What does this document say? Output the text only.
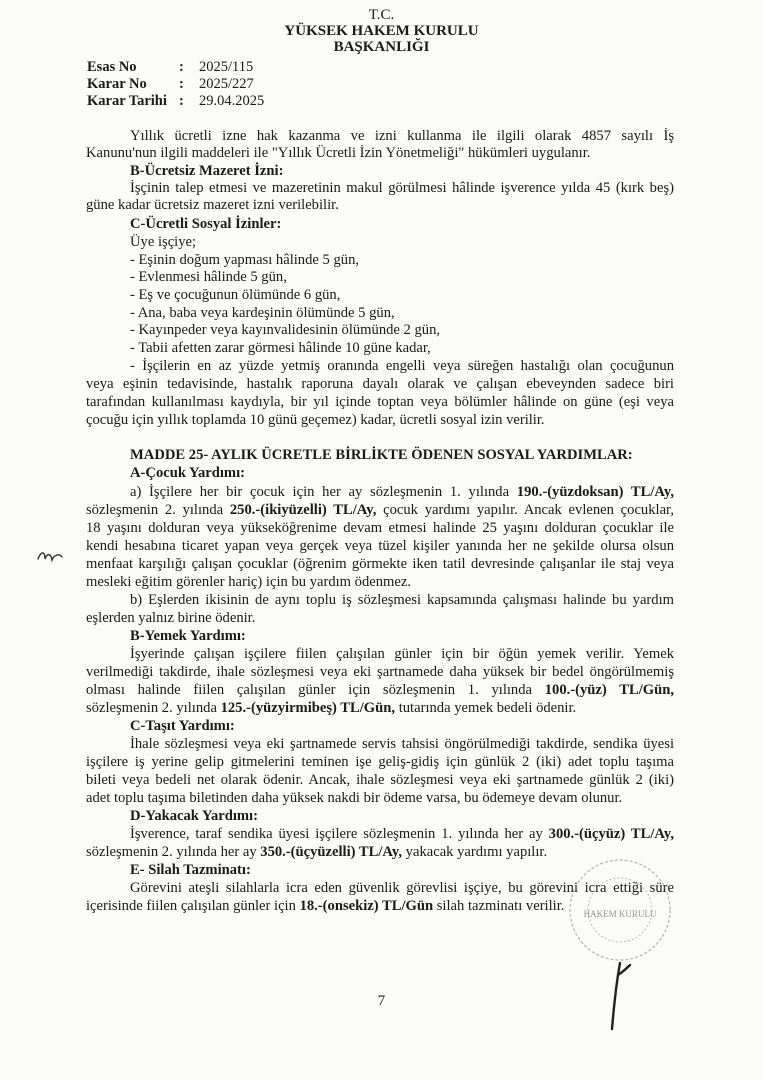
T.C.
YÜKSEK HAKEM KURULU
BAŞKANLIĞI
Esas No	: 2025/115
Karar No : 2025/227
Karar Tarihi : 29.04.2025
Yıllık ücretli izne hak kazanma ve izni kullanma ile ilgili olarak 4857 sayılı İş
Kanunu'nun ilgili maddeleri ile "Yıllık Ücretli İzin Yönetmeliği" hükümleri uygulanır.
B-Ücretsiz Mazeret İzni:
İşçinin talep etmesi ve mazeretinin makul görülmesi hâlinde işverence yılda 45 (kırk beş)
güne kadar ücretsiz mazeret izni verilebilir.
C-Ücretli Sosyal İzinler:
Üye işçiye;
- Eşinin doğum yapması hâlinde 5 gün,
- Evlenmesi hâlinde 5 gün,
- Eş ve çocuğunun ölümünde 6 gün,
- Ana, baba veya kardeşinin ölümünde 5 gün,
- Kayınpeder veya kayınvalidesinin ölümünde 2 gün,
- Tabii afetten zarar görmesi hâlinde 10 güne kadar,
- İşçilerin en az yüzde yetmiş oranında engelli veya süreğen hastalığı olan çocuğunun
veya eşinin tedavisinde, hastalık raporuna dayalı olarak ve çalışan ebeveynden sadece biri
tarafından kullanılması kaydıyla, bir yıl içinde toptan veya bölümler hâlinde on güne (eşi veya
çocuğu için yıllık toplamda 10 günü geçemez) kadar, ücretli sosyal izin verilir.
MADDE 25- AYLIK ÜCRETLE BİRLİKTE ÖDENEN SOSYAL YARDIMLAR:
A-Çocuk Yardımı:
a) İşçilere her bir çocuk için her ay sözleşmenin 1. yılında 190.-(yüzdoksan) TL/Ay,
sözleşmenin 2. yılında 250.-(ikiyüzelli) TL/Ay, çocuk yardımı yapılır. Ancak evlenen çocuklar,
18 yaşını dolduran veya yükseköğrenime devam etmesi halinde 25 yaşını dolduran çocuklar ile
kendi hesabına ticaret yapan veya gerçek veya tüzel kişiler yanında her ne şekilde olursa olsun
menfaat karşılığı çalışan çocuklar (öğrenim görmekte iken tatil devresinde çalışanlar ile staj veya
mesleki eğitim görenler hariç) için bu yardım ödenmez.
b) Eşlerden ikisinin de aynı toplu iş sözleşmesi kapsamında çalışması halinde bu yardım
eşlerden yalnız birine ödenir.
B-Yemek Yardımı:
İşyerinde çalışan işçilere fiilen çalışılan günler için bir öğün yemek verilir. Yemek
verilmediği takdirde, ihale sözleşmesi veya eki şartnamede daha yüksek bir bedel öngörülmemiş
olması halinde fiilen çalışılan günler için sözleşmenin 1. yılında 100.-(yüz) TL/Gün,
sözleşmenin 2. yılında 125.-(yüzyirmibeş) TL/Gün, tutarında yemek bedeli ödenir.
C-Taşıt Yardımı:
İhale sözleşmesi veya eki şartnamede servis tahsisi öngörülmediği takdirde, sendika üyesi
işçilere iş yerine gelip gitmelerini teminen işe geliş-gidiş için günlük 2 (iki) adet toplu taşıma
bileti veya bedeli net olarak ödenir. Ancak, ihale sözleşmesi veya eki şartnamede günlük 2 (iki)
adet toplu taşıma biletinden daha yüksek nakdi bir ödeme varsa, bu ödemeye devam olunur.
D-Yakacak Yardımı:
İşverence, taraf sendika üyesi işçilere sözleşmenin 1. yılında her ay 300.-(üçyüz) TL/Ay,
sözleşmenin 2. yılında her ay 350.-(üçyüzelli) TL/Ay, yakacak yardımı yapılır.
E- Silah Tazminatı:
Görevini ateşli silahlarla icra eden güvenlik görevlisi işçiye, bu görevini icra ettiği süre
içerisinde fiilen çalışılan günler için 18.-(onsekiz) TL/Gün silah tazminatı verilir. HAKEM KURULU
7
